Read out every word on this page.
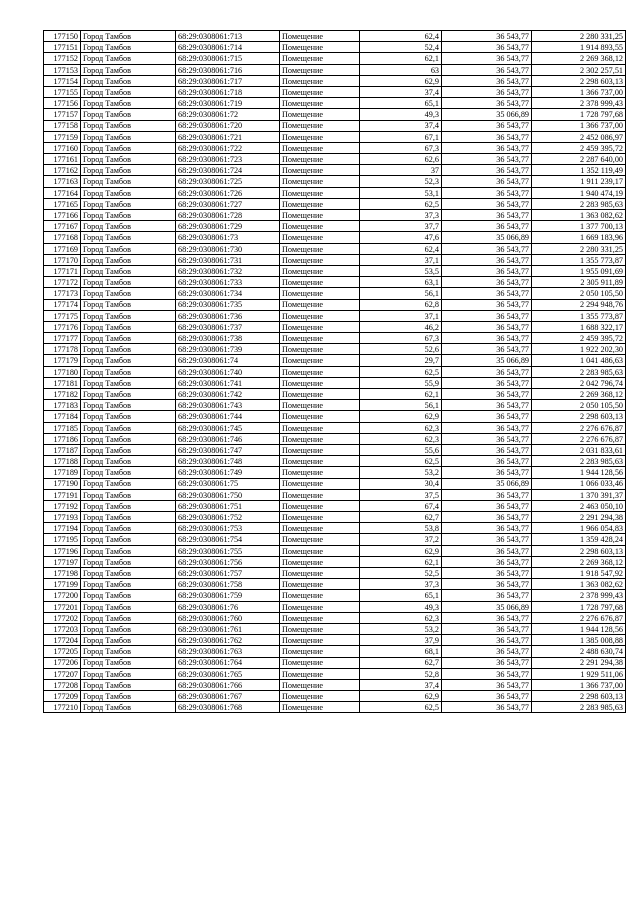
177150	Город Тамбов	68:29:0308061:713	Помещение	62,4	36 543,77	2 280 331,25
177151	Город Тамбов	68:29:0308061:714	Помещение	52,4	36 543,77	1 914 893,55
177152	Город Тамбов	68:29:0308061:715	Помещение	62,1	36 543,77	2 269 368,12
177153	Город Тамбов	68:29:0308061:716	Помещение	63	36 543,77	2 302 257,51
177154	Город Тамбов	68:29:0308061:717	Помещение	62,9	36 543,77	2 298 603,13
177155	Город Тамбов	68:29:0308061:718	Помещение	37,4	36 543,77	1 366 737,00
177156	Город Тамбов	68:29:0308061:719	Помещение	65,1	36 543,77	2 378 999,43
177157	Город Тамбов	68:29:0308061:72	Помещение	49,3	35 066,89	1 728 797,68
177158	Город Тамбов	68:29:0308061:720	Помещение	37,4	36 543,77	1 366 737,00
177159	Город Тамбов	68:29:0308061:721	Помещение	67,1	36 543,77	2 452 086,97
177160	Город Тамбов	68:29:0308061:722	Помещение	67,3	36 543,77	2 459 395,72
177161	Город Тамбов	68:29:0308061:723	Помещение	62,6	36 543,77	2 287 640,00
177162	Город Тамбов	68:29:0308061:724	Помещение	37	36 543,77	1 352 119,49
177163	Город Тамбов	68:29:0308061:725	Помещение	52,3	36 543,77	1 911 239,17
177164	Город Тамбов	68:29:0308061:726	Помещение	53,1	36 543,77	1 940 474,19
177165	Город Тамбов	68:29:0308061:727	Помещение	62,5	36 543,77	2 283 985,63
177166	Город Тамбов	68:29:0308061:728	Помещение	37,3	36 543,77	1 363 082,62
177167	Город Тамбов	68:29:0308061:729	Помещение	37,7	36 543,77	1 377 700,13
177168	Город Тамбов	68:29:0308061:73	Помещение	47,6	35 066,89	1 669 183,96
177169	Город Тамбов	68:29:0308061:730	Помещение	62,4	36 543,77	2 280 331,25
177170	Город Тамбов	68:29:0308061:731	Помещение	37,1	36 543,77	1 355 773,87
177171	Город Тамбов	68:29:0308061:732	Помещение	53,5	36 543,77	1 955 091,69
177172	Город Тамбов	68:29:0308061:733	Помещение	63,1	36 543,77	2 305 911,89
177173	Город Тамбов	68:29:0308061:734	Помещение	56,1	36 543,77	2 050 105,50
177174	Город Тамбов	68:29:0308061:735	Помещение	62,8	36 543,77	2 294 948,76
177175	Город Тамбов	68:29:0308061:736	Помещение	37,1	36 543,77	1 355 773,87
177176	Город Тамбов	68:29:0308061:737	Помещение	46,2	36 543,77	1 688 322,17
177177	Город Тамбов	68:29:0308061:738	Помещение	67,3	36 543,77	2 459 395,72
177178	Город Тамбов	68:29:0308061:739	Помещение	52,6	36 543,77	1 922 202,30
177179	Город Тамбов	68:29:0308061:74	Помещение	29,7	35 066,89	1 041 486,63
177180	Город Тамбов	68:29:0308061:740	Помещение	62,5	36 543,77	2 283 985,63
177181	Город Тамбов	68:29:0308061:741	Помещение	55,9	36 543,77	2 042 796,74
177182	Город Тамбов	68:29:0308061:742	Помещение	62,1	36 543,77	2 269 368,12
177183	Город Тамбов	68:29:0308061:743	Помещение	56,1	36 543,77	2 050 105,50
177184	Город Тамбов	68:29:0308061:744	Помещение	62,9	36 543,77	2 298 603,13
177185	Город Тамбов	68:29:0308061:745	Помещение	62,3	36 543,77	2 276 676,87
177186	Город Тамбов	68:29:0308061:746	Помещение	62,3	36 543,77	2 276 676,87
177187	Город Тамбов	68:29:0308061:747	Помещение	55,6	36 543,77	2 031 833,61
177188	Город Тамбов	68:29:0308061:748	Помещение	62,5	36 543,77	2 283 985,63
177189	Город Тамбов	68:29:0308061:749	Помещение	53,2	36 543,77	1 944 128,56
177190	Город Тамбов	68:29:0308061:75	Помещение	30,4	35 066,89	1 066 033,46
177191	Город Тамбов	68:29:0308061:750	Помещение	37,5	36 543,77	1 370 391,37
177192	Город Тамбов	68:29:0308061:751	Помещение	67,4	36 543,77	2 463 050,10
177193	Город Тамбов	68:29:0308061:752	Помещение	62,7	36 543,77	2 291 294,38
177194	Город Тамбов	68:29:0308061:753	Помещение	53,8	36 543,77	1 966 054,83
177195	Город Тамбов	68:29:0308061:754	Помещение	37,2	36 543,77	1 359 428,24
177196	Город Тамбов	68:29:0308061:755	Помещение	62,9	36 543,77	2 298 603,13
177197	Город Тамбов	68:29:0308061:756	Помещение	62,1	36 543,77	2 269 368,12
177198	Город Тамбов	68:29:0308061:757	Помещение	52,5	36 543,77	1 918 547,92
177199	Город Тамбов	68:29:0308061:758	Помещение	37,3	36 543,77	1 363 082,62
177200	Город Тамбов	68:29:0308061:759	Помещение	65,1	36 543,77	2 378 999,43
177201	Город Тамбов	68:29:0308061:76	Помещение	49,3	35 066,89	1 728 797,68
177202	Город Тамбов	68:29:0308061:760	Помещение	62,3	36 543,77	2 276 676,87
177203	Город Тамбов	68:29:0308061:761	Помещение	53,2	36 543,77	1 944 128,56
177204	Город Тамбов	68:29:0308061:762	Помещение	37,9	36 543,77	1 385 008,88
177205	Город Тамбов	68:29:0308061:763	Помещение	68,1	36 543,77	2 488 630,74
177206	Город Тамбов	68:29:0308061:764	Помещение	62,7	36 543,77	2 291 294,38
177207	Город Тамбов	68:29:0308061:765	Помещение	52,8	36 543,77	1 929 511,06
177208	Город Тамбов	68:29:0308061:766	Помещение	37,4	36 543,77	1 366 737,00
177209	Город Тамбов	68:29:0308061:767	Помещение	62,9	36 543,77	2 298 603,13
177210	Город Тамбов	68:29:0308061:768	Помещение	62,5	36 543,77	2 283 985,63
